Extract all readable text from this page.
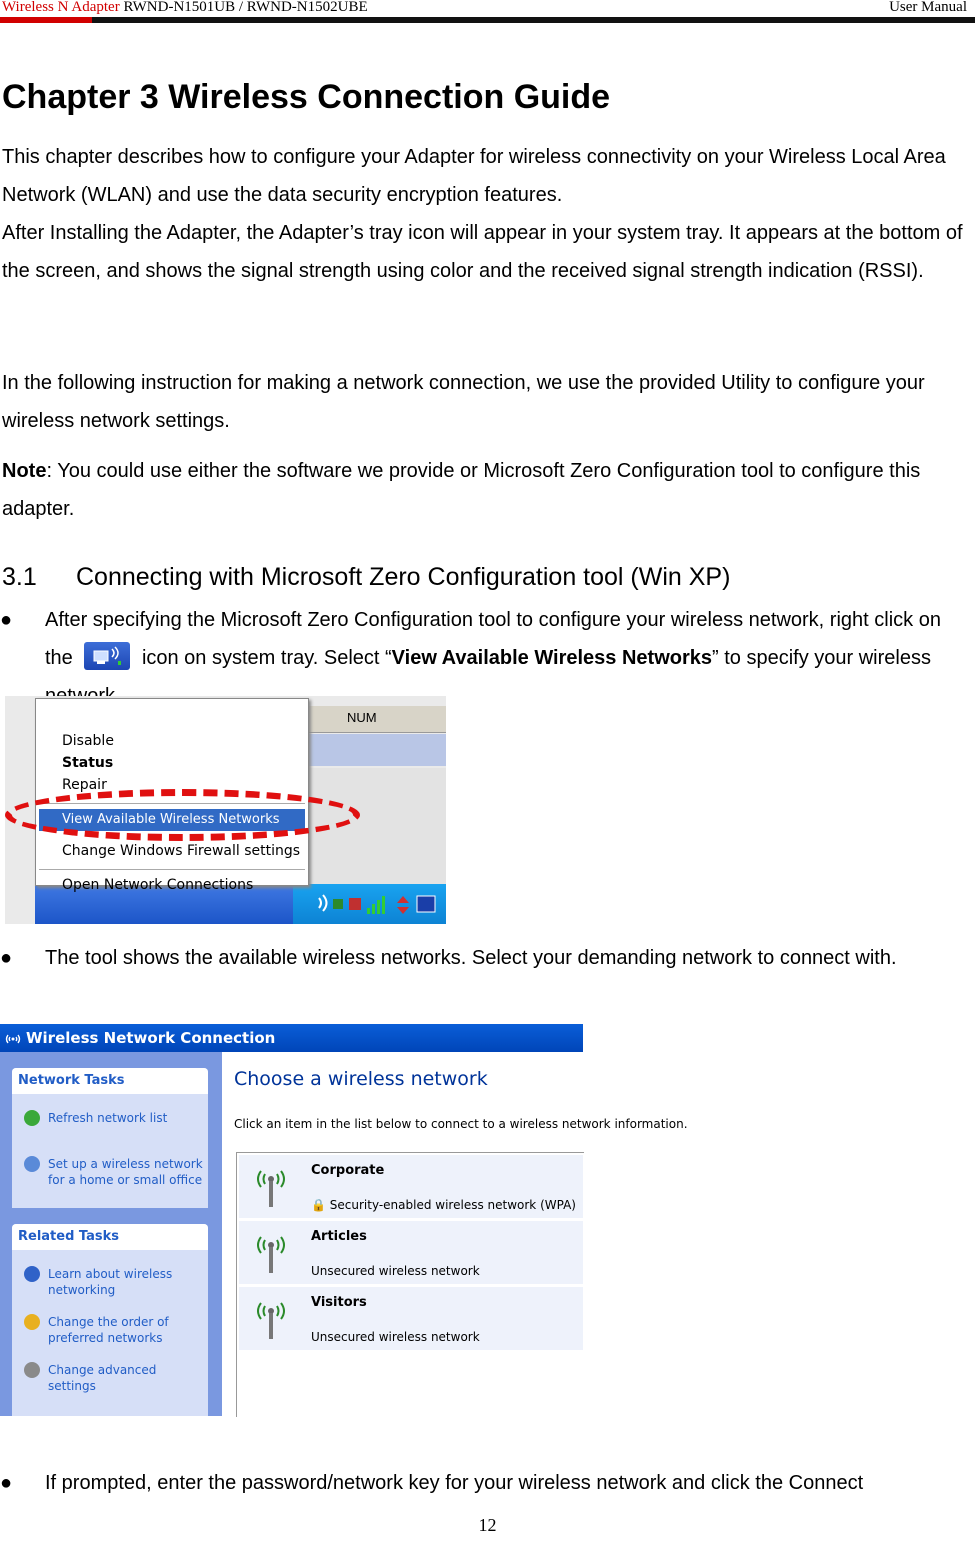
Wireless N Adapter RWND-N1501UB / RWND-N1502UBE	User Manual
Chapter 3 Wireless Connection Guide

This chapter describes how to configure your Adapter for wireless connectivity on your Wireless Local Area Network (WLAN) and use the data security encryption features.

After Installing the Adapter, the Adapter’s tray icon will appear in your system tray. It appears at the bottom of the screen, and shows the signal strength using color and the received signal strength indication (RSSI).

In the following instruction for making a network connection, we use the provided Utility to configure your wireless network settings.

Note: You could use either the software we provide or Microsoft Zero Configuration tool to configure this adapter.

3.1 Connecting with Microsoft Zero Configuration tool (Win XP)
● After specifying the Microsoft Zero Configuration tool to configure your wireless network, right click on the	icon on system tray. Select “View Available Wireless Networks” to specify your wireless
NUM
Disable
Status
Repair
View Available Wireless Networks
Change Windows Firewall settings
Open Network Connections
● The tool shows the available wireless networks. Select your demanding network to connect with.
Wireless Network Connection
Network Tasks
Refresh network list
Set up a wireless network for a home or small office
Related Tasks
Learn about wireless networking
Change the order of preferred networks
Change advanced settings
Choose a wireless network
Click an item in the list below to connect to a wireless network information.
Corporate
🔒 Security-enabled wireless network (WPA)
Articles
Unsecured wireless network
Visitors
Unsecured wireless network
● If prompted, enter the password/network key for your wireless network and click the Connect
12
